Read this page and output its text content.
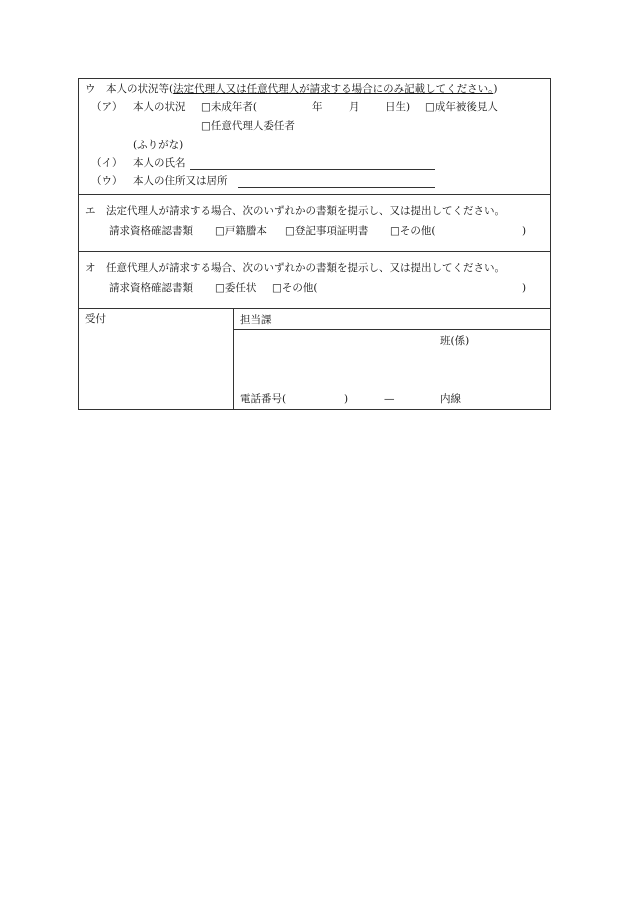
ウ　本人の状況等(法定代理人又は任意代理人が請求する場合にのみ記載してください。)
（ア） 本人の状況 □未成年者(	年	月 日生) □成年被後見人
□任意代理人委任者
(ふりがな)
（イ） 本人の氏名
（ウ） 本人の住所又は居所
エ　法定代理人が請求する場合、次のいずれかの書類を提示し、又は提出してください。
請求資格確認書類 □戸籍謄本 □登記事項証明書 □その他(	)
オ　任意代理人が請求する場合、次のいずれかの書類を提示し、又は提出してください。
請求資格確認書類 □委任状 □その他(	)
受付	担当課
班(係)
電話番号(	)	—	内線
